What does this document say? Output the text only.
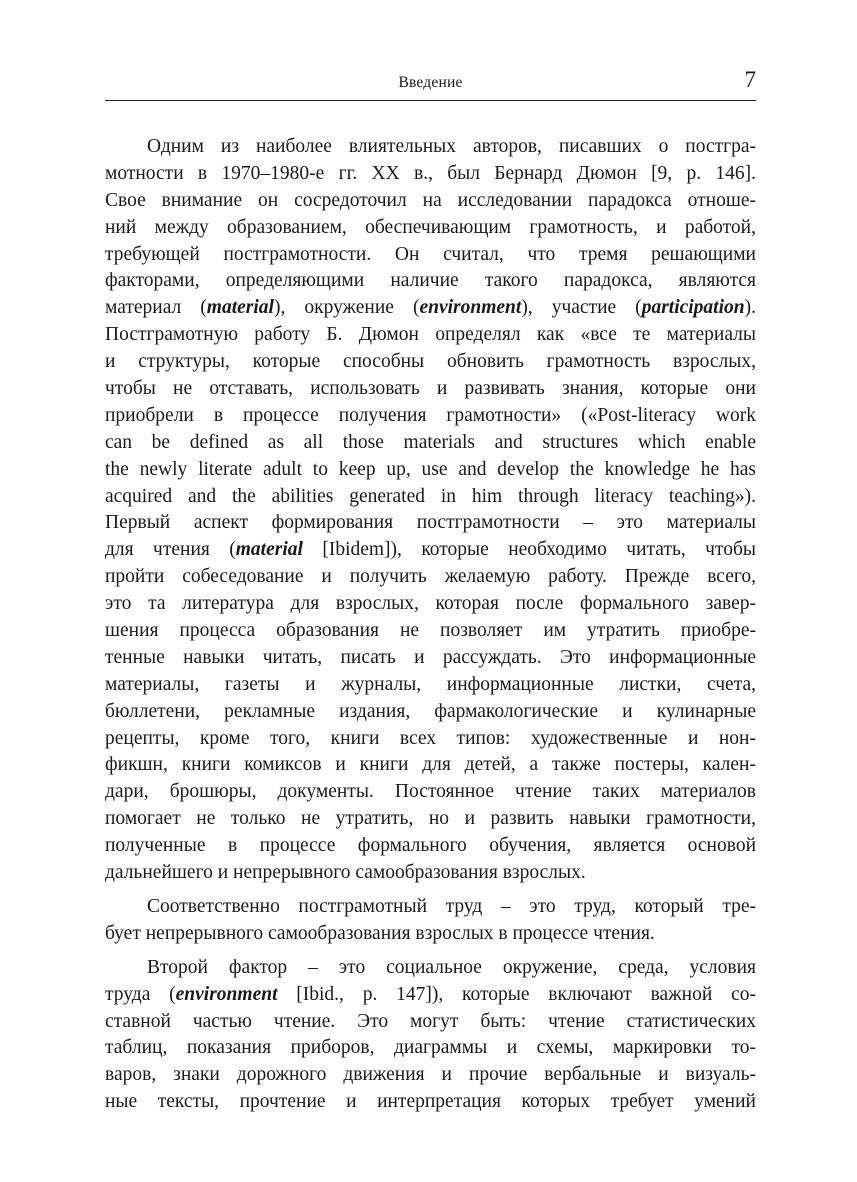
Введение	7
Одним из наиболее влиятельных авторов, писавших о постгра-
мотности в 1970–1980-е гг. XX в., был Бернард Дюмон [9, p. 146].
Свое внимание он сосредоточил на исследовании парадокса отноше-
ний между образованием, обеспечивающим грамотность, и работой,
требующей постграмотности. Он считал, что тремя решающими
факторами, определяющими наличие такого парадокса, являются
материал (material), окружение (environment), участие (participation).
Постграмотную работу Б. Дюмон определял как «все те материалы
и структуры, которые способны обновить грамотность взрослых,
чтобы не отставать, использовать и развивать знания, которые они
приобрели в процессе получения грамотности» («Post-literacy work
can be defined as all those materials and structures which enable
the newly literate adult to keep up, use and develop the knowledge he has
acquired and the abilities generated in him through literacy teaching»).
Первый аспект формирования постграмотности – это материалы
для чтения (material [Ibidem]), которые необходимо читать, чтобы
пройти собеседование и получить желаемую работу. Прежде всего,
это та литература для взрослых, которая после формального завер-
шения процесса образования не позволяет им утратить приобре-
тенные навыки читать, писать и рассуждать. Это информационные
материалы, газеты и журналы, информационные листки, счета,
бюллетени, рекламные издания, фармакологические и кулинарные
рецепты, кроме того, книги всех типов: художественные и нон-
фикшн, книги комиксов и книги для детей, а также постеры, кален-
дари, брошюры, документы. Постоянное чтение таких материалов
помогает не только не утратить, но и развить навыки грамотности,
полученные в процессе формального обучения, является основой
дальнейшего и непрерывного самообразования взрослых.
Соответственно постграмотный труд – это труд, который тре-
бует непрерывного самообразования взрослых в процессе чтения.
Второй фактор – это социальное окружение, среда, условия
труда (environment [Ibid., p. 147]), которые включают важной со-
ставной частью чтение. Это могут быть: чтение статистических
таблиц, показания приборов, диаграммы и схемы, маркировки то-
варов, знаки дорожного движения и прочие вербальные и визуаль-
ные тексты, прочтение и интерпретация которых требует умений
